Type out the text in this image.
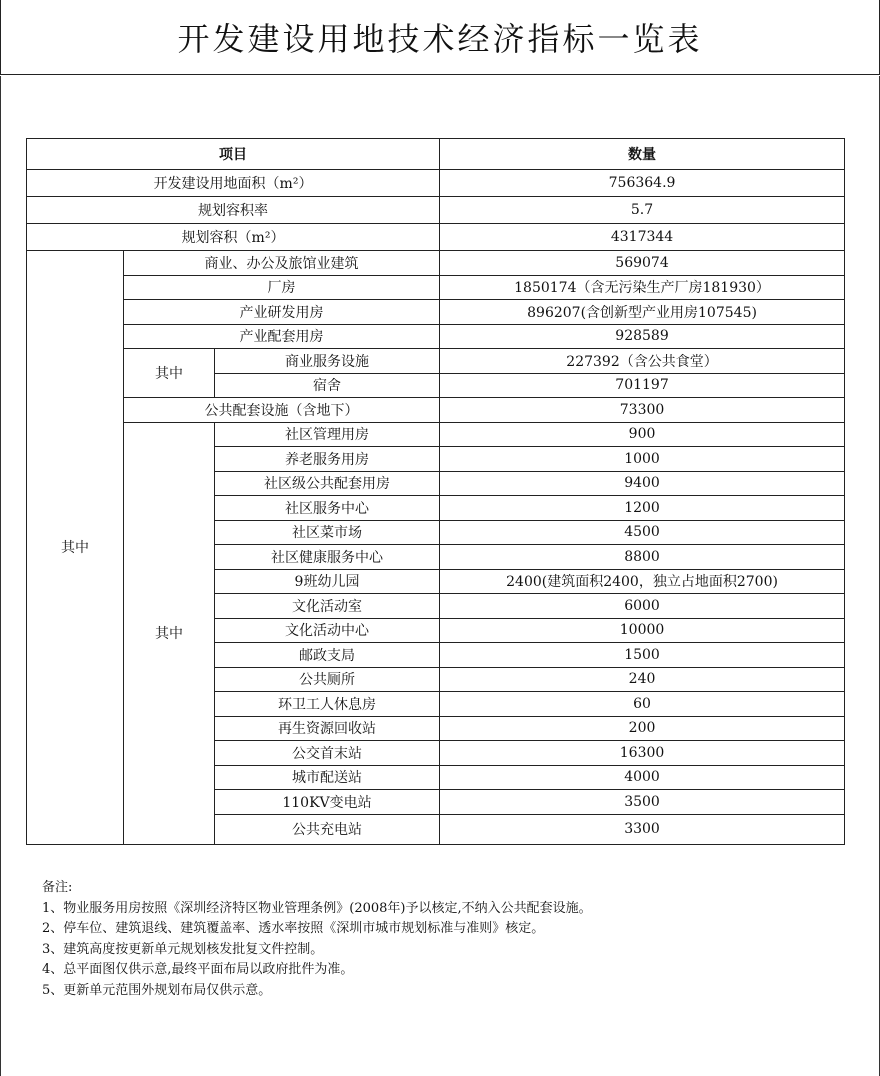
开发建设用地技术经济指标一览表
项目			数量
开发建设用地面积（m²）			756364.9
规划容积率			5.7
规划容积（m²）			4317344
其中	商业、办公及旅馆业建筑		569074
	厂房		1850174（含无污染生产厂房181930）
	产业研发用房		896207(含创新型产业用房107545)
	产业配套用房		928589
	其中	商业服务设施	227392（含公共食堂）
		宿舍	701197
	公共配套设施（含地下）		73300
	其中	社区管理用房	900
		养老服务用房	1000
		社区级公共配套用房	9400
		社区服务中心	1200
		社区菜市场	4500
		社区健康服务中心	8800
		9班幼儿园	2400(建筑面积2400，独立占地面积2700)
		文化活动室	6000
		文化活动中心	10000
		邮政支局	1500
		公共厕所	240
		环卫工人休息房	60
		再生资源回收站	200
		公交首末站	16300
		城市配送站	4000
		110KV变电站	3500
		公共充电站	3300
备注:
1、物业服务用房按照《深圳经济特区物业管理条例》(2008年)予以核定,不纳入公共配套设施。
2、停车位、建筑退线、建筑覆盖率、透水率按照《深圳市城市规划标准与准则》核定。
3、建筑高度按更新单元规划核发批复文件控制。
4、总平面图仅供示意,最终平面布局以政府批件为准。
5、更新单元范围外规划布局仅供示意。
